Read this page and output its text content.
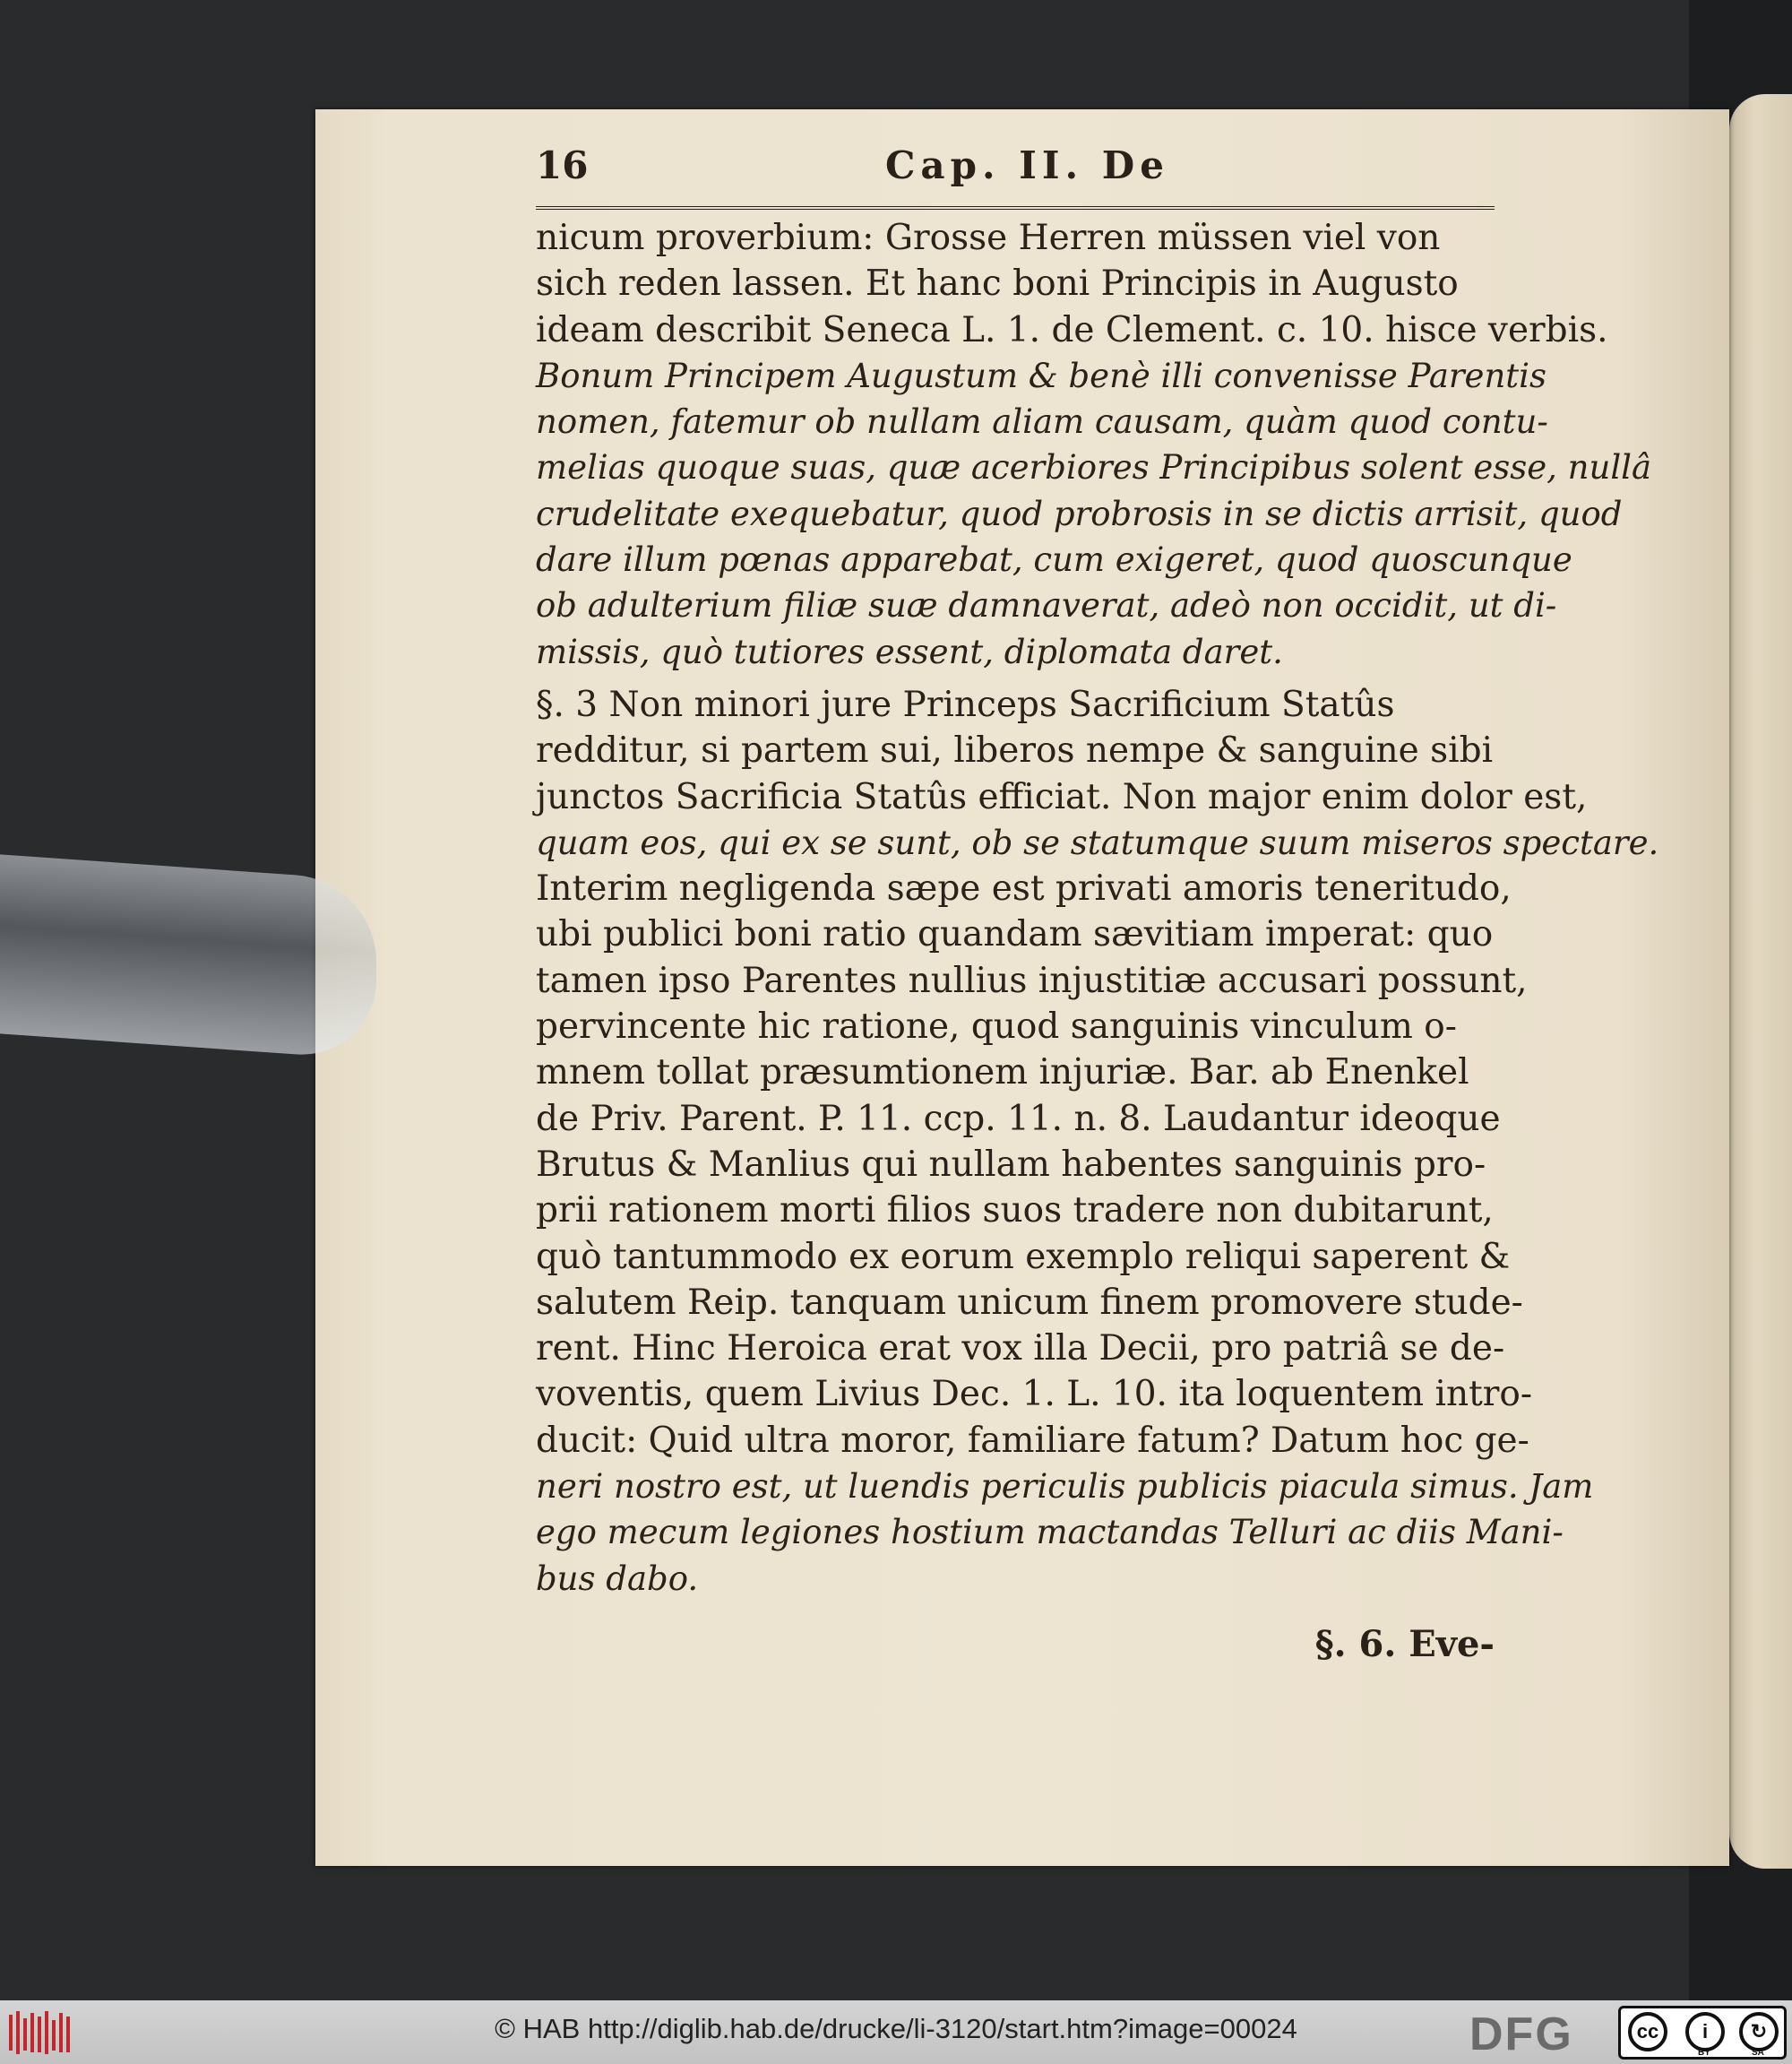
16	Cap. II. De
nicum proverbium: Grosse Herren müssen viel von
sich reden lassen. Et hanc boni Principis in Augusto
ideam describit Seneca L. 1. de Clement. c. 10. hisce verbis.
Bonum Principem Augustum & benè illi convenisse Parentis
nomen, fatemur ob nullam aliam causam, quàm quod contu-
melias quoque suas, quæ acerbiores Principibus solent esse, nullâ
crudelitate exequebatur, quod probrosis in se dictis arrisit, quod
dare illum pœnas apparebat, cum exigeret, quod quoscunque
ob adulterium filiæ suæ damnaverat, adeò non occidit, ut di-
missis, quò tutiores essent, diplomata daret.
§. 3 Non minori jure Princeps Sacrificium Statûs
redditur, si partem sui, liberos nempe & sanguine sibi
junctos Sacrificia Statûs efficiat. Non major enim dolor est,
quam eos, qui ex se sunt, ob se statumque suum miseros spectare.
Interim negligenda sæpe est privati amoris teneritudo,
ubi publici boni ratio quandam sævitiam imperat: quo
tamen ipso Parentes nullius injustitiæ accusari possunt,
pervincente hic ratione, quod sanguinis vinculum o-
mnem tollat præsumtionem injuriæ. Bar. ab Enenkel
de Priv. Parent. P. 11. ccp. 11. n. 8. Laudantur ideoque
Brutus & Manlius qui nullam habentes sanguinis pro-
prii rationem morti filios suos tradere non dubitarunt,
quò tantummodo ex eorum exemplo reliqui saperent &
salutem Reip. tanquam unicum finem promovere stude-
rent. Hinc Heroica erat vox illa Decii, pro patriâ se de-
voventis, quem Livius Dec. 1. L. 10. ita loquentem intro-
ducit: Quid ultra moror, familiare fatum? Datum hoc ge-
neri nostro est, ut luendis periculis publicis piacula simus. Jam
ego mecum legiones hostium mactandas Telluri ac diis Mani-
bus dabo.
§. 6. Eve-
© HAB http://diglib.hab.de/drucke/li-3120/start.htm?image=00024	DFG	cc	i	↻
BY	SA
